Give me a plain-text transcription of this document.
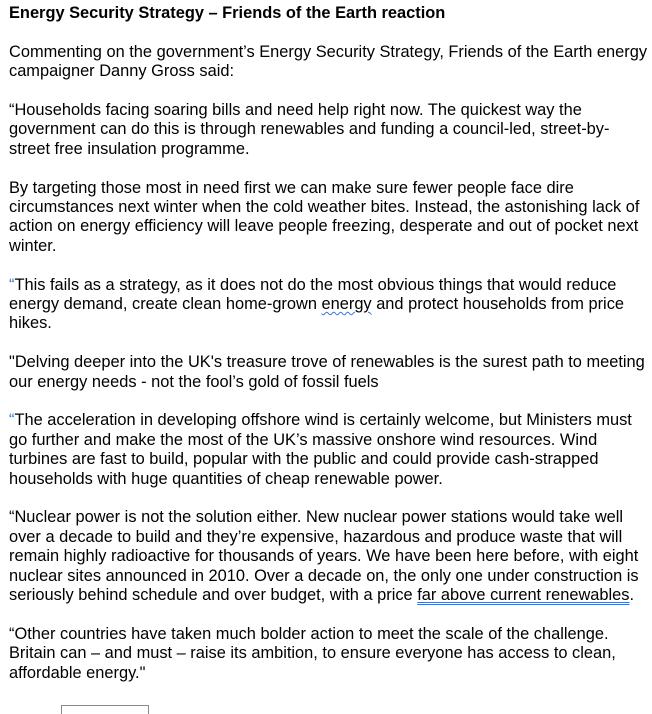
Energy Security Strategy – Friends of the Earth reaction

Commenting on the government’s Energy Security Strategy, Friends of the Earth energy campaigner Danny Gross said:

“Households facing soaring bills and need help right now. The quickest way the government can do this is through renewables and funding a council-led, street-by-street free insulation programme.

By targeting those most in need first we can make sure fewer people face dire circumstances next winter when the cold weather bites. Instead, the astonishing lack of action on energy efficiency will leave people freezing, desperate and out of pocket next winter.

“This fails as a strategy, as it does not do the most obvious things that would reduce energy demand, create clean home-grown energy and protect households from price hikes.

"Delving deeper into the UK's treasure trove of renewables is the surest path to meeting our energy needs - not the fool’s gold of fossil fuels

“The acceleration in developing offshore wind is certainly welcome, but Ministers must go further and make the most of the UK’s massive onshore wind resources. Wind turbines are fast to build, popular with the public and could provide cash-strapped households with huge quantities of cheap renewable power.

“Nuclear power is not the solution either. New nuclear power stations would take well over a decade to build and they’re expensive, hazardous and produce waste that will remain highly radioactive for thousands of years. We have been here before, with eight nuclear sites announced in 2010. Over a decade on, the only one under construction is seriously behind schedule and over budget, with a price far above current renewables.

“Other countries have taken much bolder action to meet the scale of the challenge. Britain can – and must – raise its ambition, to ensure everyone has access to clean, affordable energy."
